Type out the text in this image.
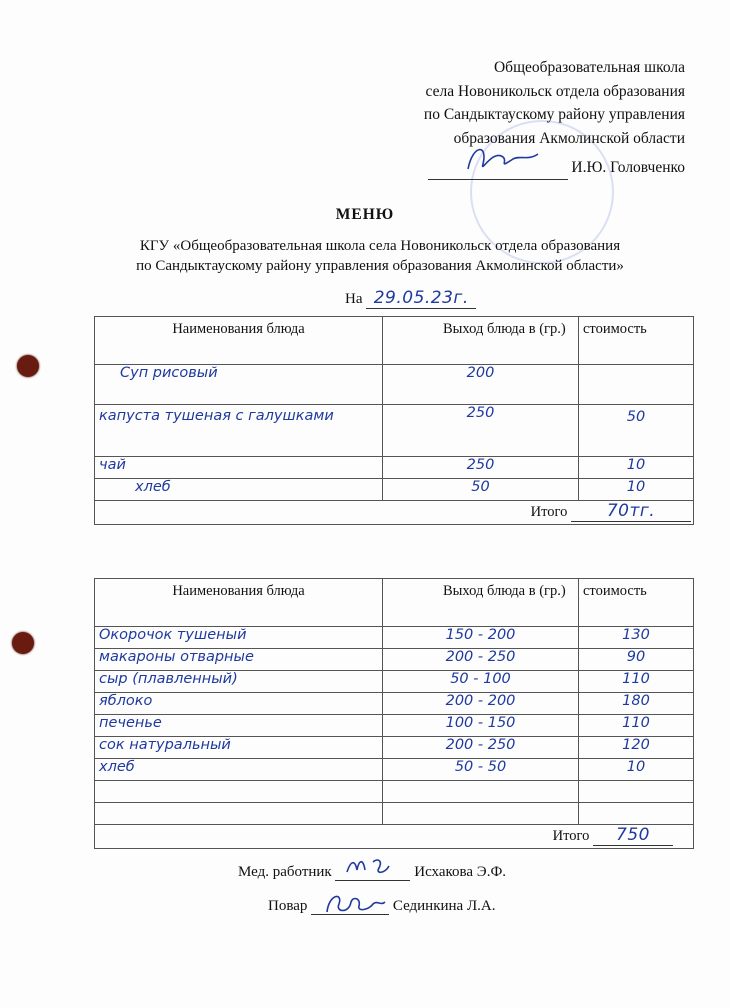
Общеобразовательная школа
села Новоникольск отдела образования
по Сандыктаускому району управления
образования Акмолинской области
И.Ю. Головченко
МЕНЮ
КГУ «Общеобразовательная школа села Новоникольск отдела образования
по Сандыктаускому району управления образования Акмолинской области»
На 29.05.23г.
Наименования блюда	Выход блюда в (гр.)	стоимость
Суп рисовый	200	
капуста тушеная с галушками	250	50
чай	250	10
хлеб	50	10
Итого 70тг.		
Наименования блюда	Выход блюда в (гр.)	стоимость
Окорочок тушеный	150 - 200	130
макароны отварные	200 - 250	90
сыр (плавленный)	50 - 100	110
яблоко	200 - 200	180
печенье	100 - 150	110
сок натуральный	200 - 250	120
хлеб	50 - 50	10

Итого 750		
Мед. работник	Исхакова Э.Ф.
Повар	Сединкина Л.А.
